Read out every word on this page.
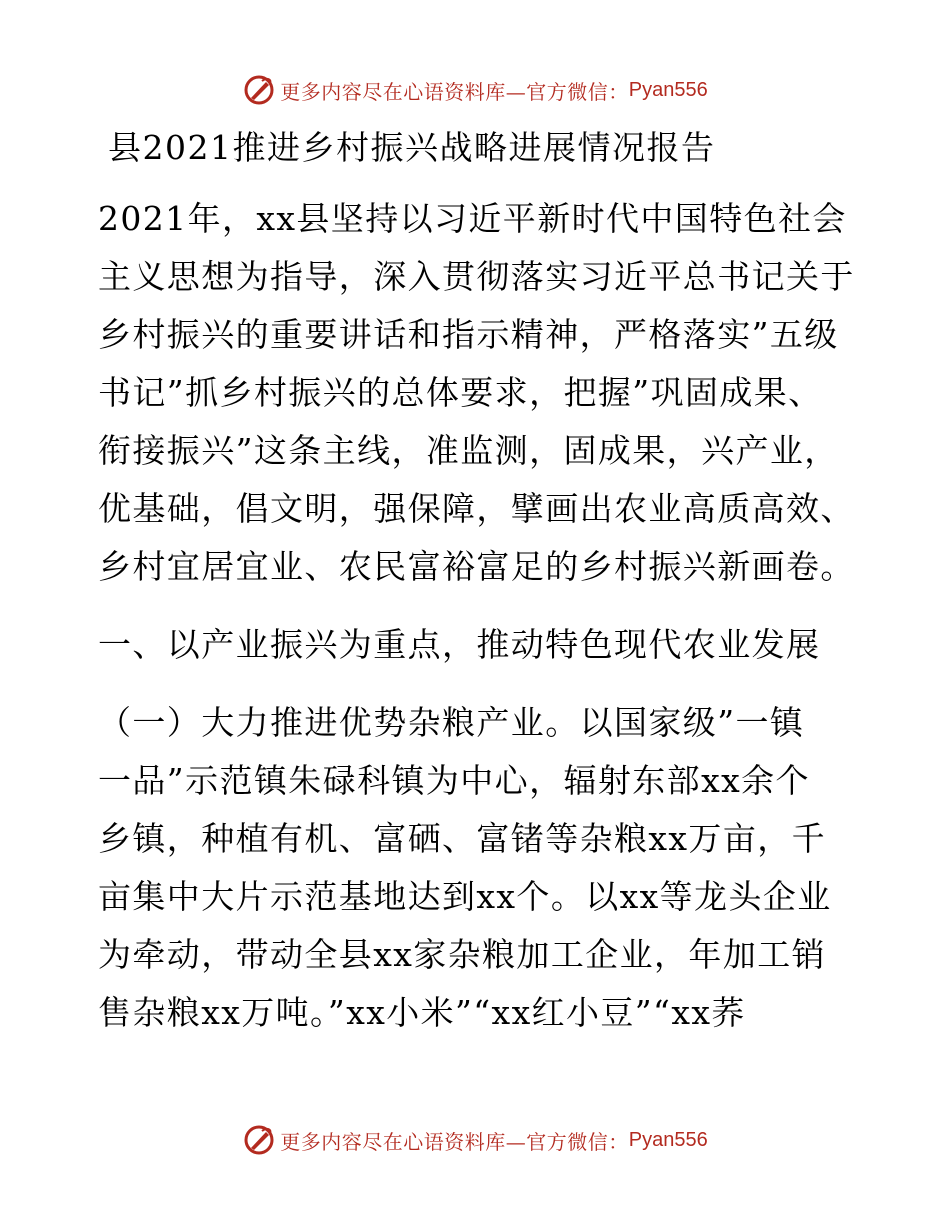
更多内容尽在心语资料库—官方微信： Pyan556
县2021推进乡村振兴战略进展情况报告
2021年，xx县坚持以习近平新时代中国特色社会
主义思想为指导，深入贯彻落实习近平总书记关于
乡村振兴的重要讲话和指示精神，严格落实”五级
书记”抓乡村振兴的总体要求，把握”巩固成果、
衔接振兴”这条主线，准监测，固成果，兴产业，
优基础，倡文明，强保障，擘画出农业高质高效、
乡村宜居宜业、农民富裕富足的乡村振兴新画卷。
一、以产业振兴为重点，推动特色现代农业发展
（一）大力推进优势杂粮产业。以国家级”一镇
一品”示范镇朱碌科镇为中心，辐射东部xx余个
乡镇，种植有机、富硒、富锗等杂粮xx万亩，千
亩集中大片示范基地达到xx个。以xx等龙头企业
为牵动，带动全县xx家杂粮加工企业，年加工销
售杂粮xx万吨。”xx小米”“xx红小豆”“xx荞
更多内容尽在心语资料库—官方微信： Pyan556
